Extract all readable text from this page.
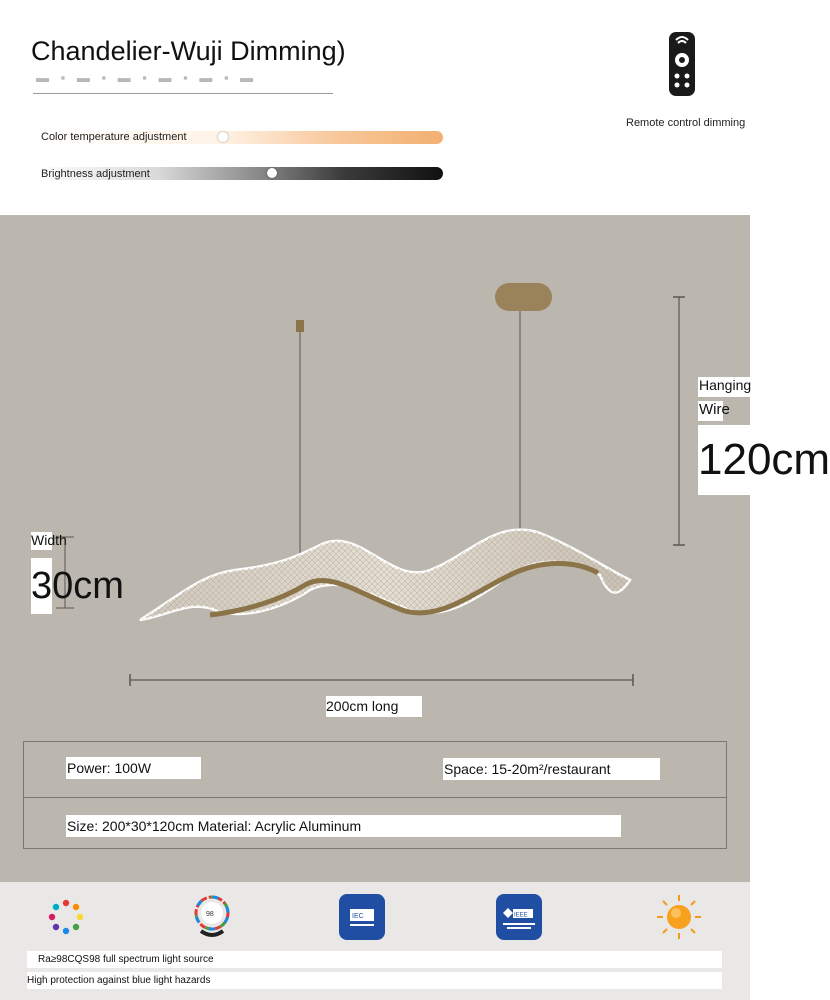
Chandelier-Wuji Dimming)
▬ ▪ ▬ ▪ ▬ ▪ ▬ ▪ ▬ ▪ ▬
Color temperature adjustment
Brightness adjustment
Remote control dimming
Hanging
Wire
120cm
Width
30cm
200cm long
Power: 100W	Space: 15-20m²/restaurant
Size: 200*30*120cm Material: Acrylic Aluminum
98	IEC	IEEE
Ra≥98CQS98 full spectrum light source
High protection against blue light hazards
